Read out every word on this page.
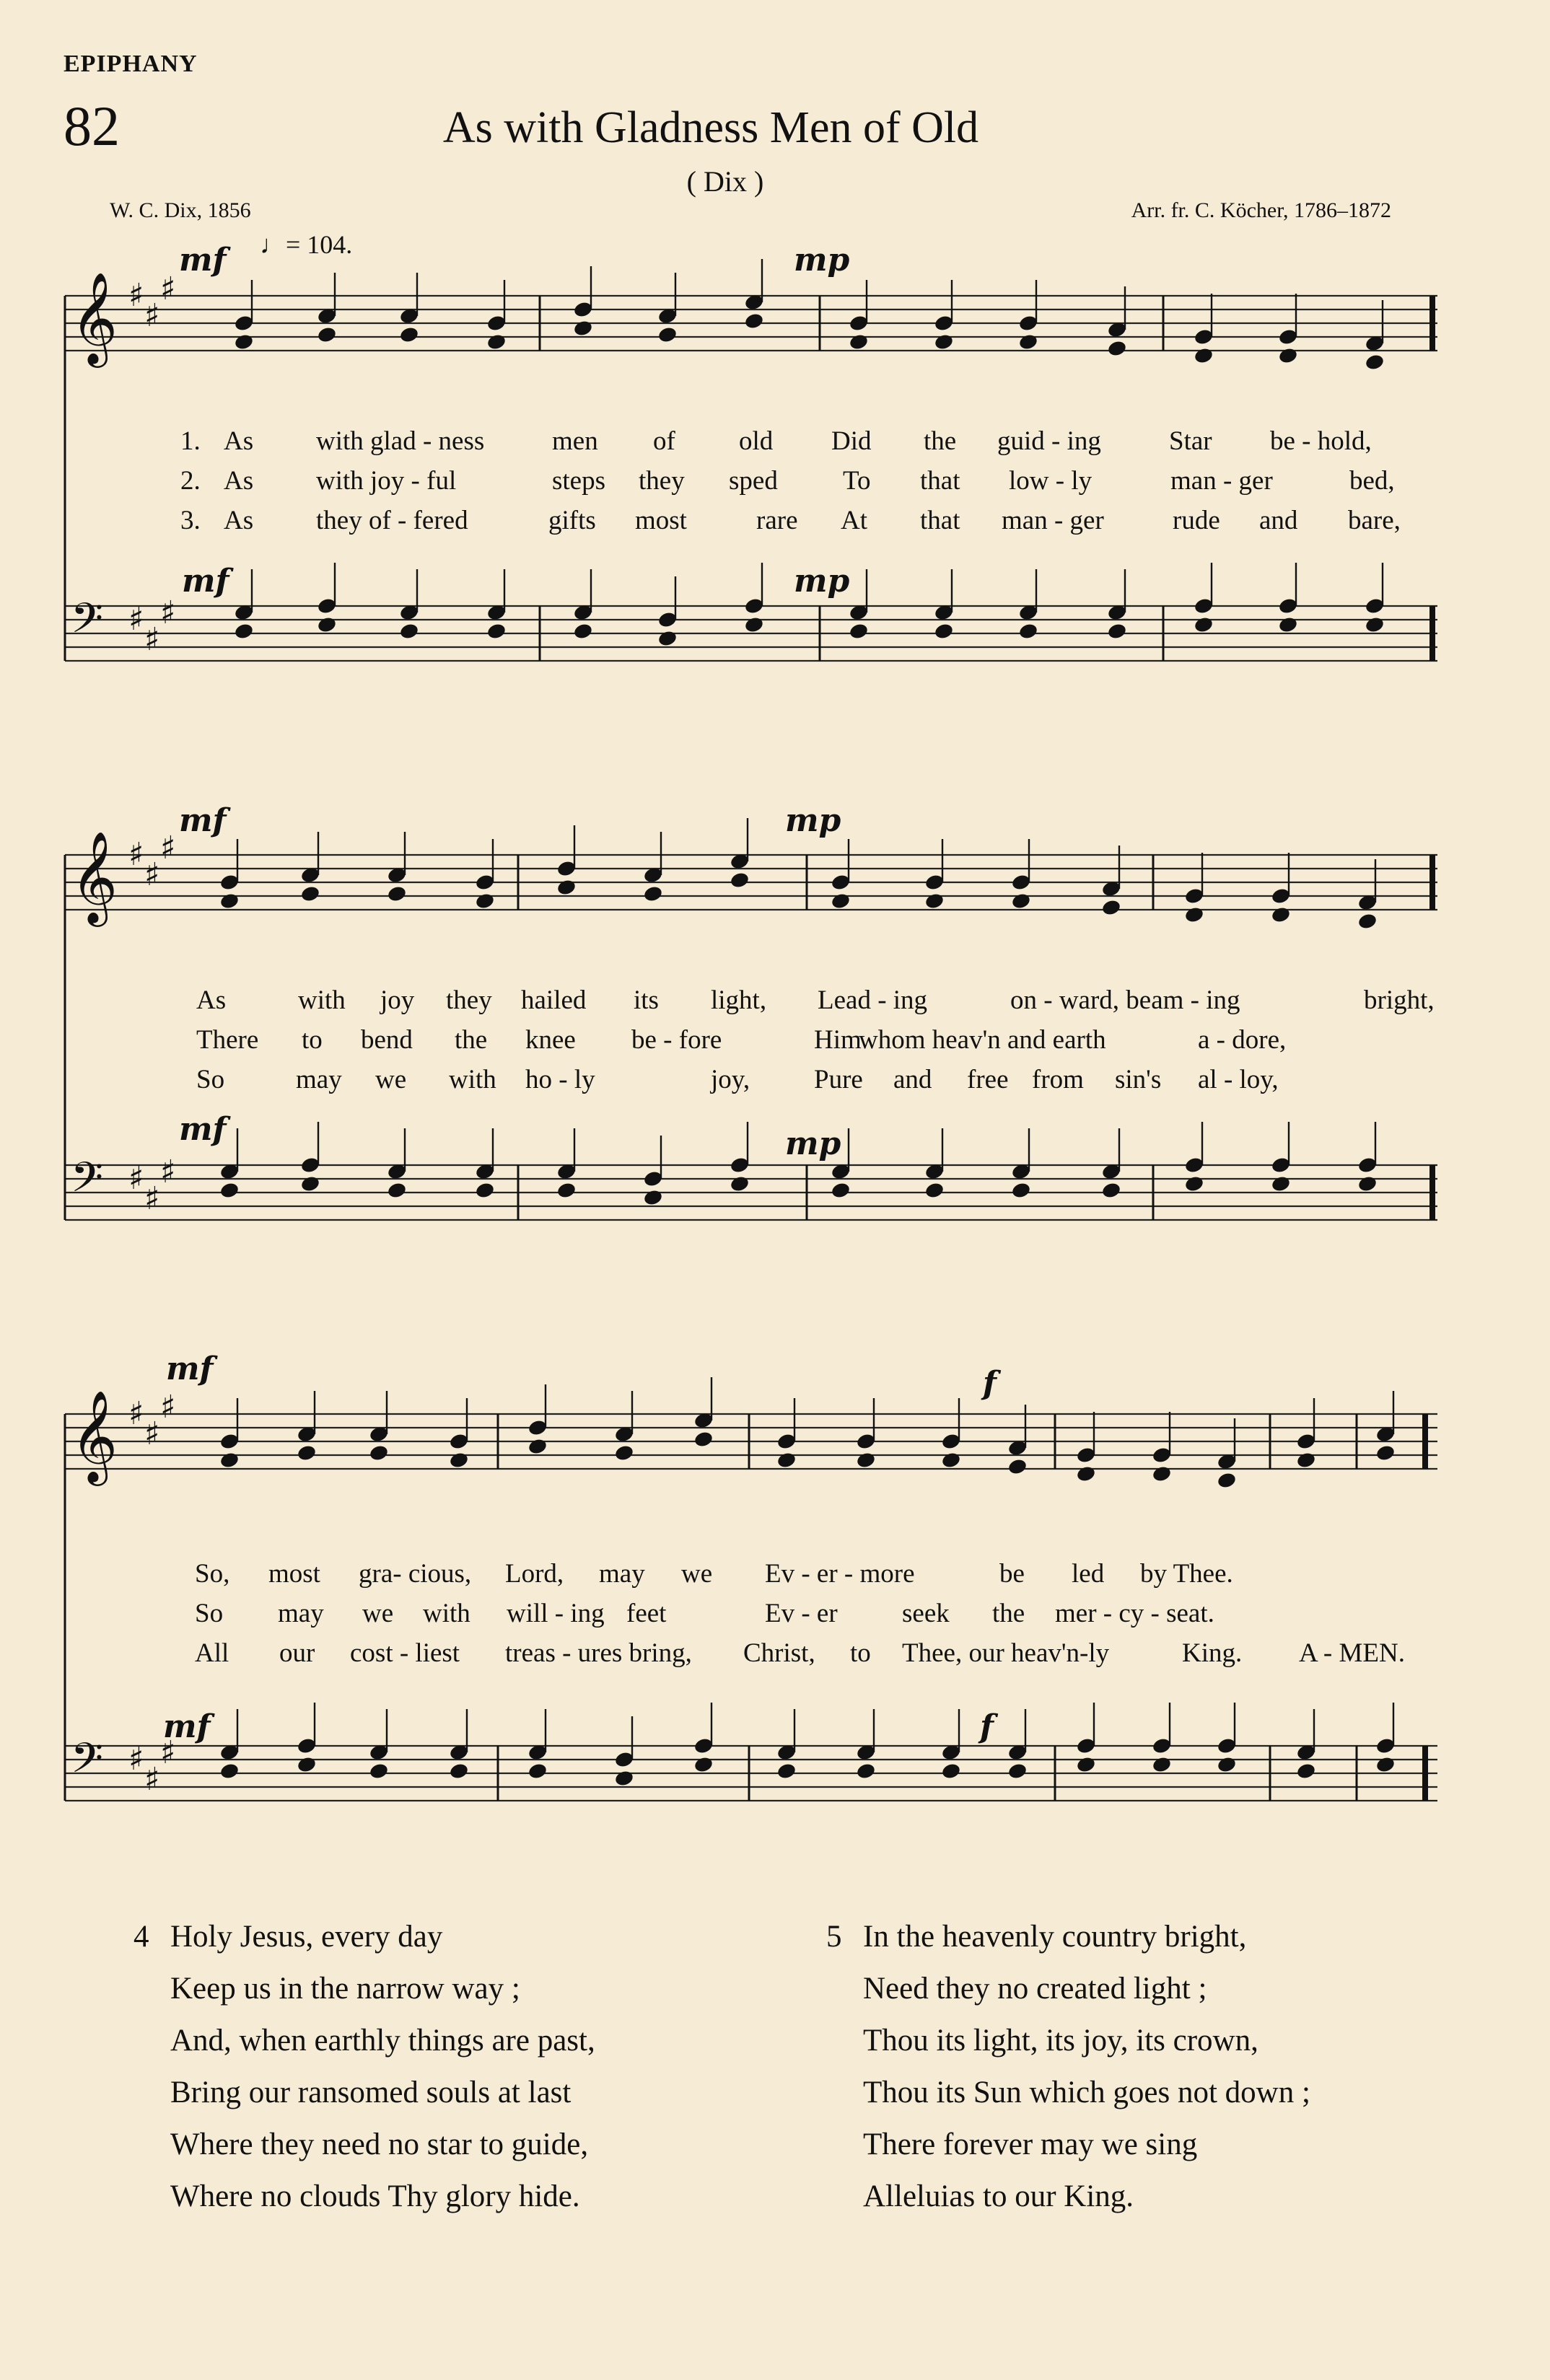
EPIPHANY
82	As with Gladness Men of Old
( Dix )
W. C. Dix, 1856	Arr. fr. C. Köcher, 1786–1872
𝄞 ♯
♯
♯
𝄢 ♯
♯
♯
𝄞 ♯
♯
♯
𝄢 ♯
♯
♯
𝄞 ♯
♯
♯
𝄢 ♯
♯
♯
♩= 104.
mf	mp
mf	mp
mf	mp
mf	mp
mf	f
mf	f
1.
2.
3.
As with glad - ness	men of old Did the guid - ing	Star be - hold,
As with joy - ful	steps they sped To that low - ly	man - ger	bed,
As they of - fered	gifts most	rare At that man - ger	rude and bare,
As	with joy they hailed its light, Lead - ing	on - ward, beam - ing	bright,
There to bend the knee be - fore	Him
whom heav'n and earth	a - dore,
So	may we with ho - ly	joy, Pure and free from sin's al - loy,
So, most gra- cious, Lord, may we Ev - er - more	be led by Thee.
So may we with will - ing feet	Ev - er seek the mer - cy - seat.
All our cost - liest treas - ures bring, Christ, to Thee, our heav'n-ly	King. A - MEN.
4 Holy Jesus, every day
Keep us in the narrow way ;
And, when earthly things are past,
Bring our ransomed souls at last
Where they need no star to guide,
Where no clouds Thy glory hide.
5 In the heavenly country bright,
Need they no created light ;
Thou its light, its joy, its crown,
Thou its Sun which goes not down ;
There forever may we sing
Alleluias to our King.
